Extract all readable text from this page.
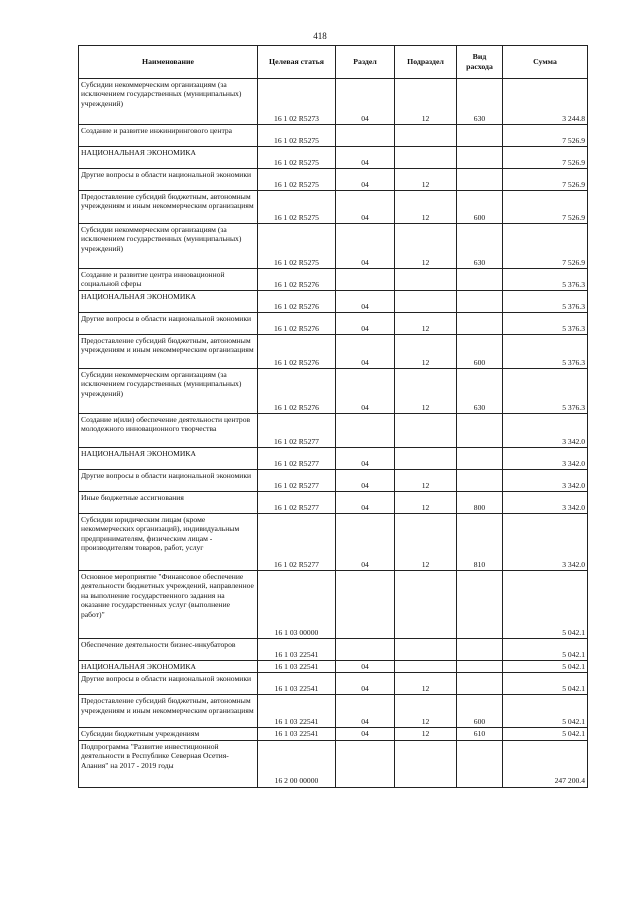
418
Наименование	Целевая статья	Раздел	Подраздел	Вид расхода	Сумма
Субсидии некоммерческим организациям (за исключением государственных (муниципальных) учреждений)	16 1 02 R5273	04	12	630	3 244.8
Создание и развитие инжинирингового центра	16 1 02 R5275				7 526.9
НАЦИОНАЛЬНАЯ ЭКОНОМИКА	16 1 02 R5275	04			7 526.9
Другие вопросы в области национальной экономики	16 1 02 R5275	04	12		7 526.9
Предоставление субсидий бюджетным, автономным учреждениям и иным некоммерческим организациям	16 1 02 R5275	04	12	600	7 526.9
Субсидии некоммерческим организациям (за исключением государственных (муниципальных) учреждений)	16 1 02 R5275	04	12	630	7 526.9
Создание и развитие центра инновационной социальной сферы	16 1 02 R5276				5 376.3
НАЦИОНАЛЬНАЯ ЭКОНОМИКА	16 1 02 R5276	04			5 376.3
Другие вопросы в области национальной экономики	16 1 02 R5276	04	12		5 376.3
Предоставление субсидий бюджетным, автономным учреждениям и иным некоммерческим организациям	16 1 02 R5276	04	12	600	5 376.3
Субсидии некоммерческим организациям (за исключением государственных (муниципальных) учреждений)	16 1 02 R5276	04	12	630	5 376.3
Создание и(или) обеспечение деятельности центров молодежного инновационного творчества	16 1 02 R5277				3 342.0
НАЦИОНАЛЬНАЯ ЭКОНОМИКА	16 1 02 R5277	04			3 342.0
Другие вопросы в области национальной экономики	16 1 02 R5277	04	12		3 342.0
Иные бюджетные ассигнования	16 1 02 R5277	04	12	800	3 342.0
Субсидии юридическим лицам (кроме некоммерческих организаций), индивидуальным предпринимателям, физическим лицам - производителям товаров, работ, услуг	16 1 02 R5277	04	12	810	3 342.0
Основное мероприятие "Финансовое обеспечение деятельности бюджетных учреждений, направленное на выполнение государственного задания на оказание государственных услуг (выполнение работ)"	16 1 03 00000				5 042.1
Обеспечение деятельности бизнес-инкубаторов	16 1 03 22541				5 042.1
НАЦИОНАЛЬНАЯ ЭКОНОМИКА	16 1 03 22541	04			5 042.1
Другие вопросы в области национальной экономики	16 1 03 22541	04	12		5 042.1
Предоставление субсидий бюджетным, автономным учреждениям и иным некоммерческим организациям	16 1 03 22541	04	12	600	5 042.1
Субсидии бюджетным учреждениям	16 1 03 22541	04	12	610	5 042.1
Подпрограмма "Развитие инвестиционной деятельности в Республике Северная Осетия-Алания" на 2017 - 2019 годы	16 2 00 00000				247 200.4
